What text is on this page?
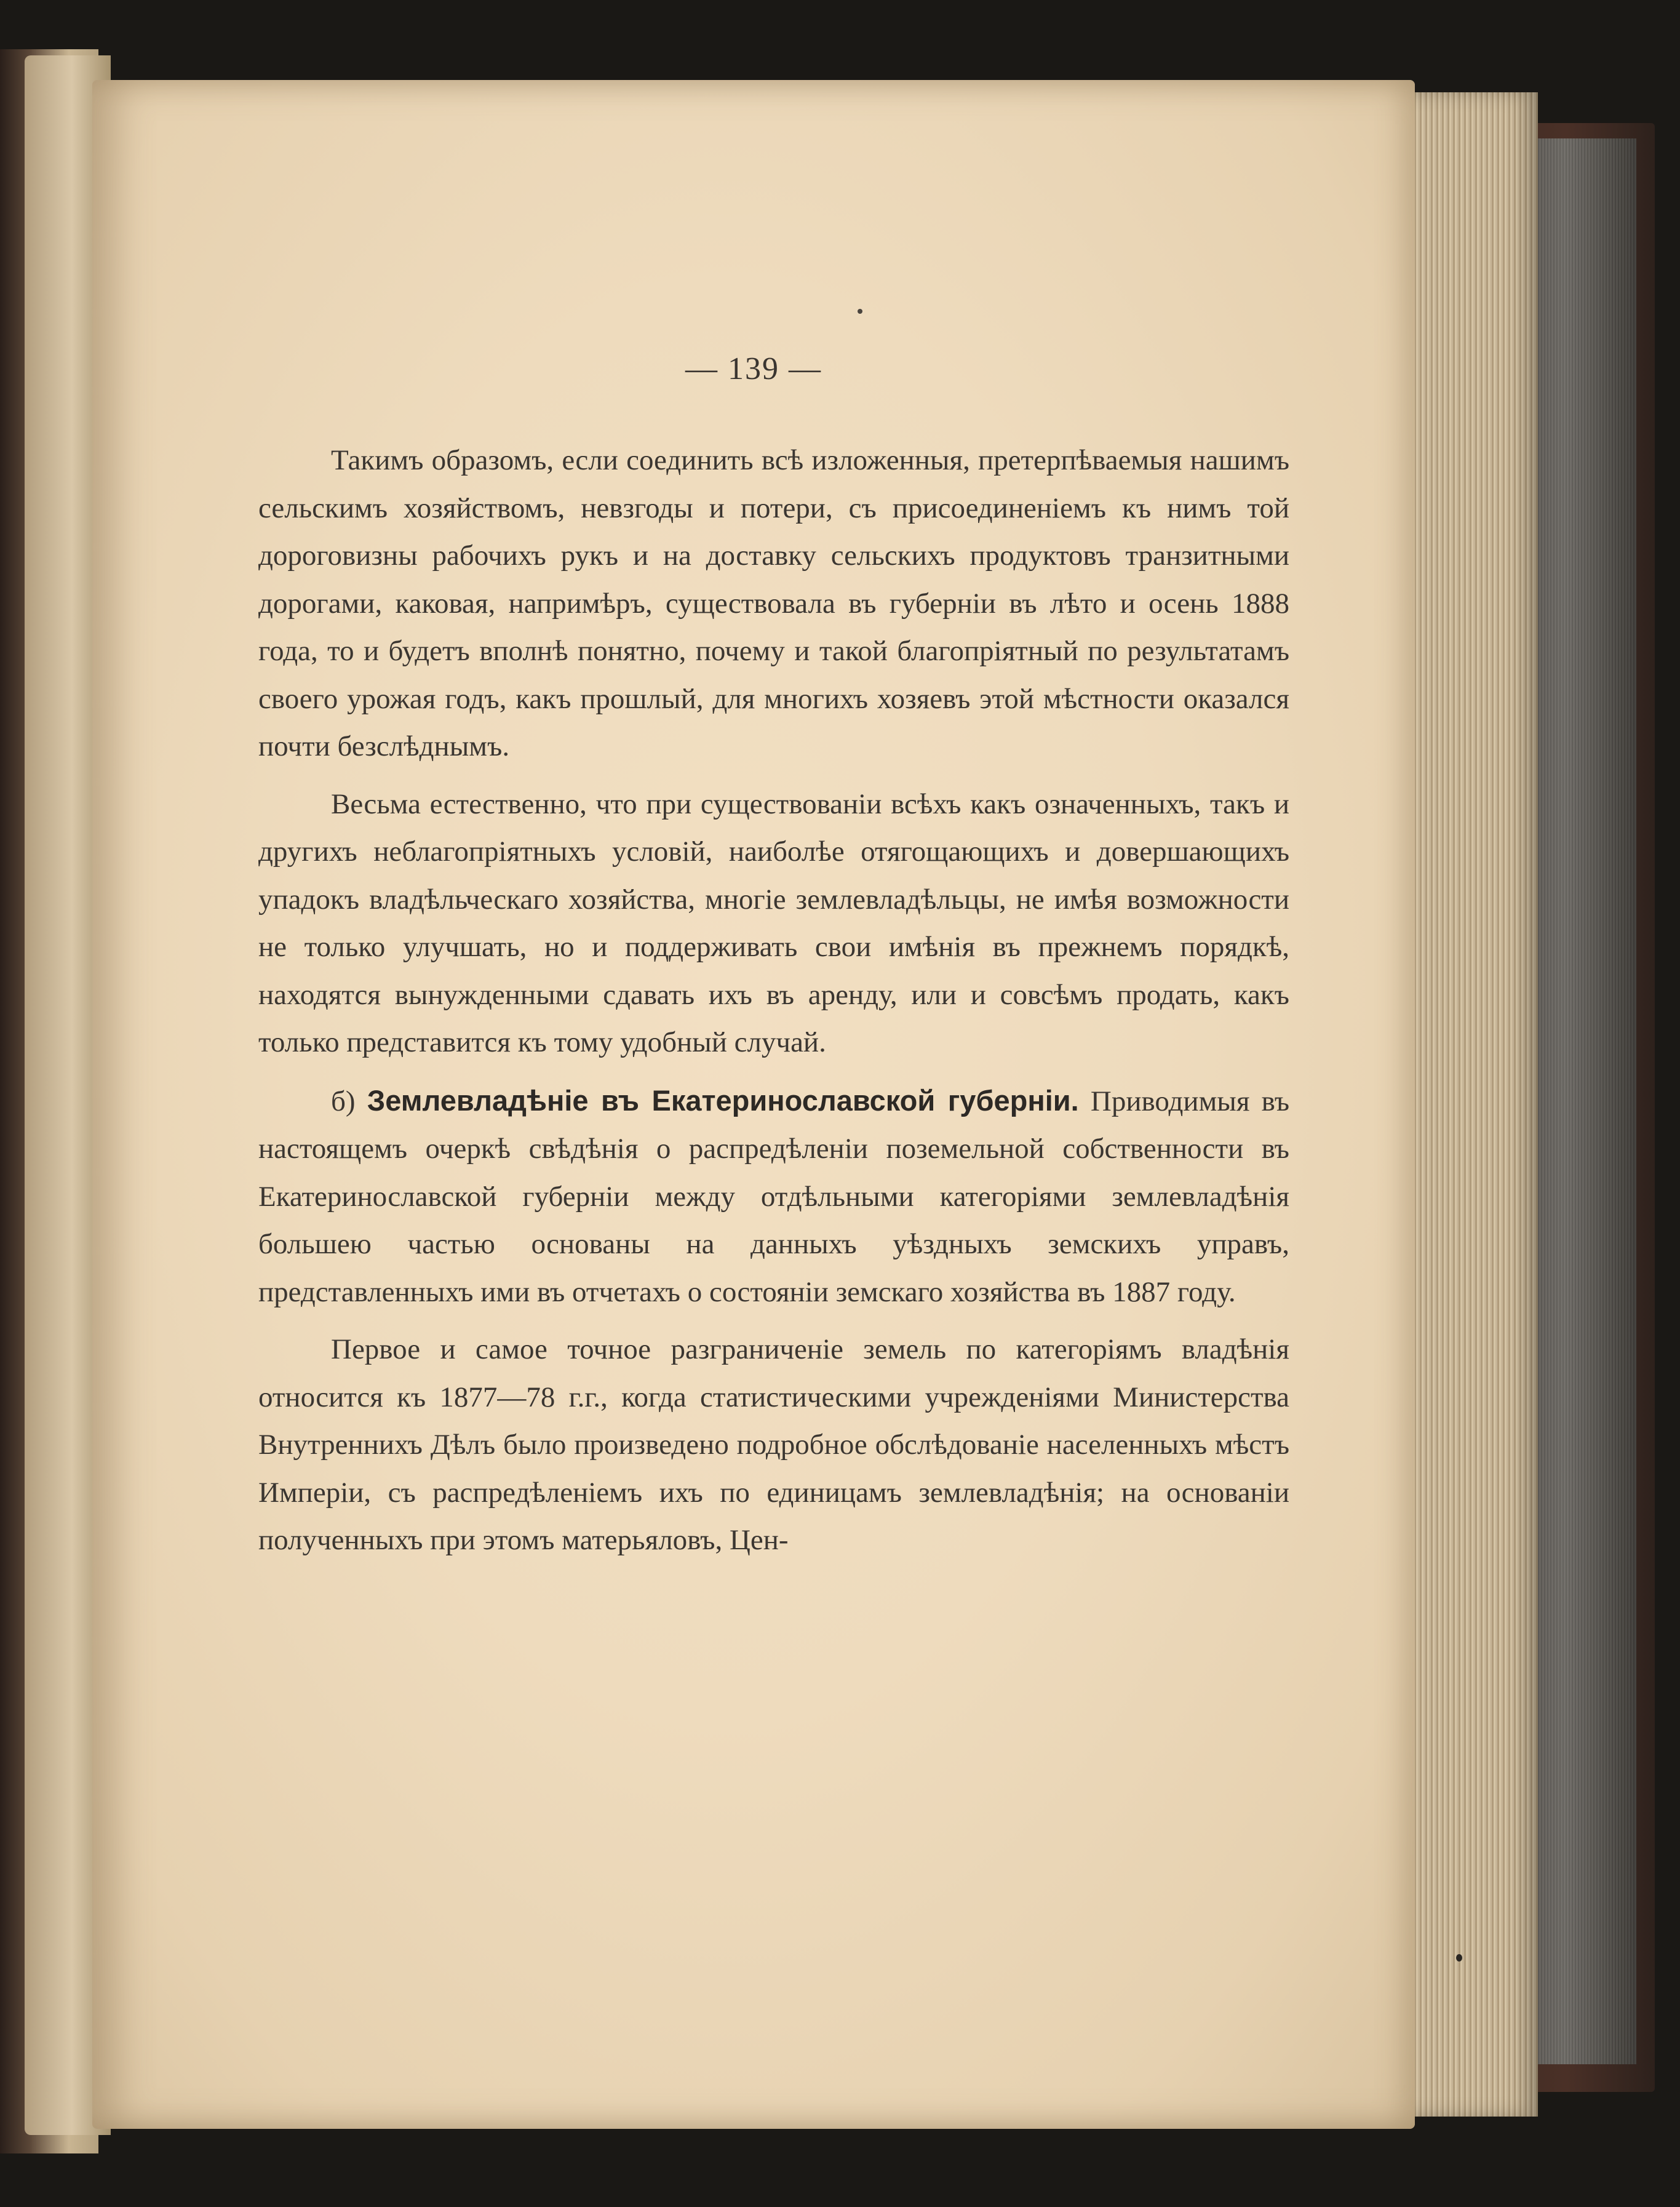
— 139 —

Такимъ образомъ, если соединить всѣ изложенныя, претерпѣваемыя нашимъ сельскимъ хозяйствомъ, невзгоды и потери, съ присоединеніемъ къ нимъ той дороговизны рабочихъ рукъ и на доставку сельскихъ продуктовъ транзитными дорогами, каковая, напримѣръ, существовала въ губерніи въ лѣто и осень 1888 года, то и будетъ вполнѣ понятно, почему и такой благопріятный по результатамъ своего урожая годъ, какъ прошлый, для многихъ хозяевъ этой мѣстности оказался почти безслѣднымъ.

Весьма естественно, что при существованіи всѣхъ какъ означенныхъ, такъ и другихъ неблагопріятныхъ условій, наиболѣе отягощающихъ и довершающихъ упадокъ владѣльческаго хозяйства, многіе землевладѣльцы, не имѣя возможности не только улучшать, но и поддерживать свои имѣнія въ прежнемъ порядкѣ, находятся вынужденными сдавать ихъ въ аренду, или и совсѣмъ продать, какъ только представится къ тому удобный случай.

б) Землевладѣніе въ Екатеринославской губерніи. Приводимыя въ настоящемъ очеркѣ свѣдѣнія о распредѣленіи поземельной собственности въ Екатеринославской губерніи между отдѣльными категоріями землевладѣнія большею частью основаны на данныхъ уѣздныхъ земскихъ управъ, представленныхъ ими въ отчетахъ о состояніи земскаго хозяйства въ 1887 году.

Первое и самое точное разграниченіе земель по категоріямъ владѣнія относится къ 1877—78 г.г., когда статистическими учрежденіями Министерства Внутреннихъ Дѣлъ было произведено подробное обслѣдованіе населенныхъ мѣстъ Имперіи, съ распредѣленіемъ ихъ по единицамъ землевладѣнія; на основаніи полученныхъ при этомъ матерьяловъ, Цен-
